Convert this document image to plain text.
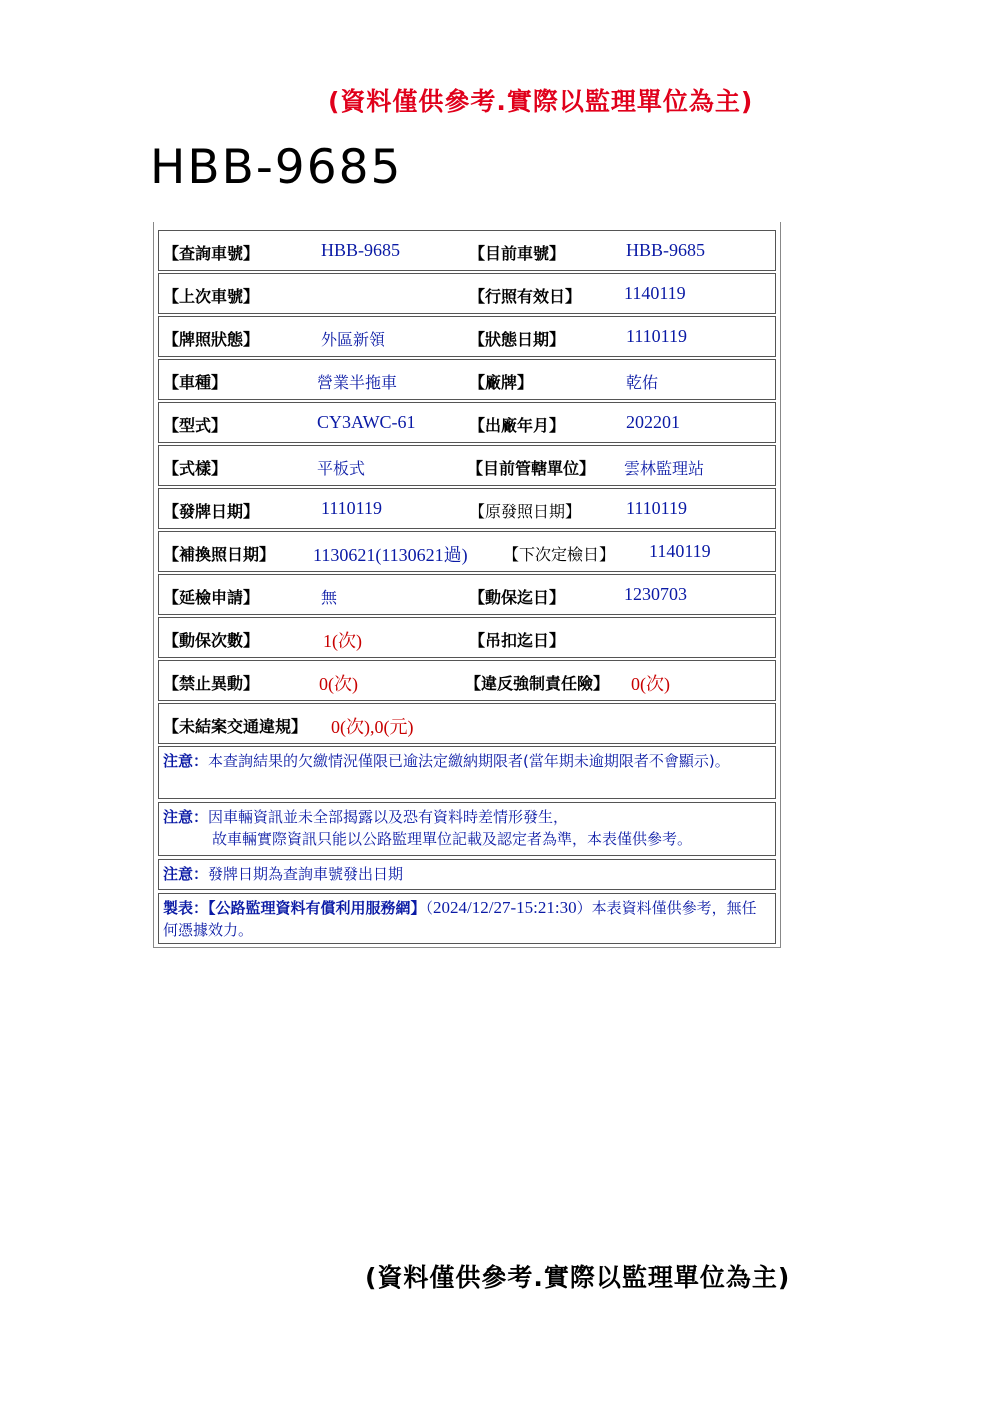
(資料僅供參考.實際以監理單位為主)
HBB-9685
【查詢車號】	HBB-9685	【目前車號】	HBB-9685
【上次車號】	【行照有效日】 1140119
【牌照狀態】	外區新領	【狀態日期】	1110119
【車種】	營業半拖車	【廠牌】	乾佑
【型式】	CY3AWC-61	【出廠年月】	202201
【式樣】	平板式	【目前管轄單位】 雲林監理站
【發牌日期】	1110119	【原發照日期】 1110119
【補換照日期】 1130621(1130621過) 【下次定檢日】 1140119
【延檢申請】	無	【動保迄日】	1230703
【動保次數】	1(次)	【吊扣迄日】
【禁止異動】	0(次)	【違反強制責任險】 0(次)
【未結案交通違規】 0(次),0(元)
注意：本查詢結果的欠繳情況僅限已逾法定繳納期限者(當年期未逾期限者不會顯示)。
注意：因車輛資訊並未全部揭露以及恐有資料時差情形發生，
故車輛實際資訊只能以公路監理單位記載及認定者為準，本表僅供參考。
注意：發牌日期為查詢車號發出日期
製表：【公路監理資料有償利用服務網】（2024/12/27-15:21:30）本表資料僅供參考，無任何憑據效力。
(資料僅供參考.實際以監理單位為主)
